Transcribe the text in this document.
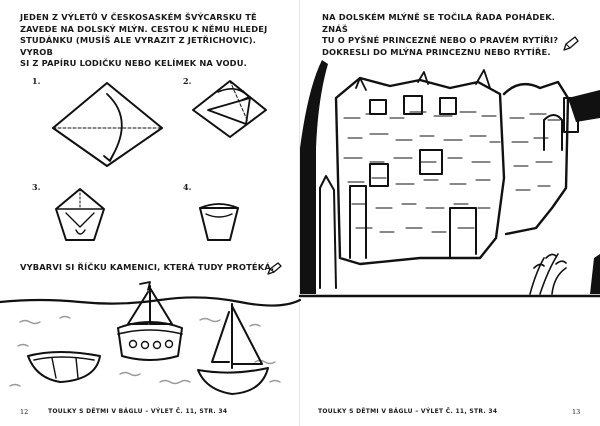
JEDEN Z VÝLETŮ V ČESKOSASKÉM ŠVÝCARSKU TĚ
ZAVEDE NA DOLSKÝ MLÝN. CESTOU K NĚMU HLEDEJ
STUDÁNKU (MUSÍŠ ALE VYRAZIT Z JETŘICHOVIC). VYROB
SI Z PAPÍRU LODIČKU NEBO KELÍMEK NA VODU.

1.	2.
3.	4.

VYBARVI SI ŘÍČKU KAMENICI, KTERÁ TUDY PROTÉKÁ.

12	TOULKY S DĚTMI V BÁGLU – VÝLET Č. 11, STR. 34

NA DOLSKÉM MLÝNĚ SE TOČILA ŘADA POHÁDEK. ZNÁŠ
TU O PYŠNÉ PRINCEZNĚ NEBO O PRAVÉM RYTÍŘI?
DOKRESLI DO MLÝNA PRINCEZNU NEBO RYTÍŘE.

TOULKY S DĚTMI V BÁGLU – VÝLET Č. 11, STR. 34	13
